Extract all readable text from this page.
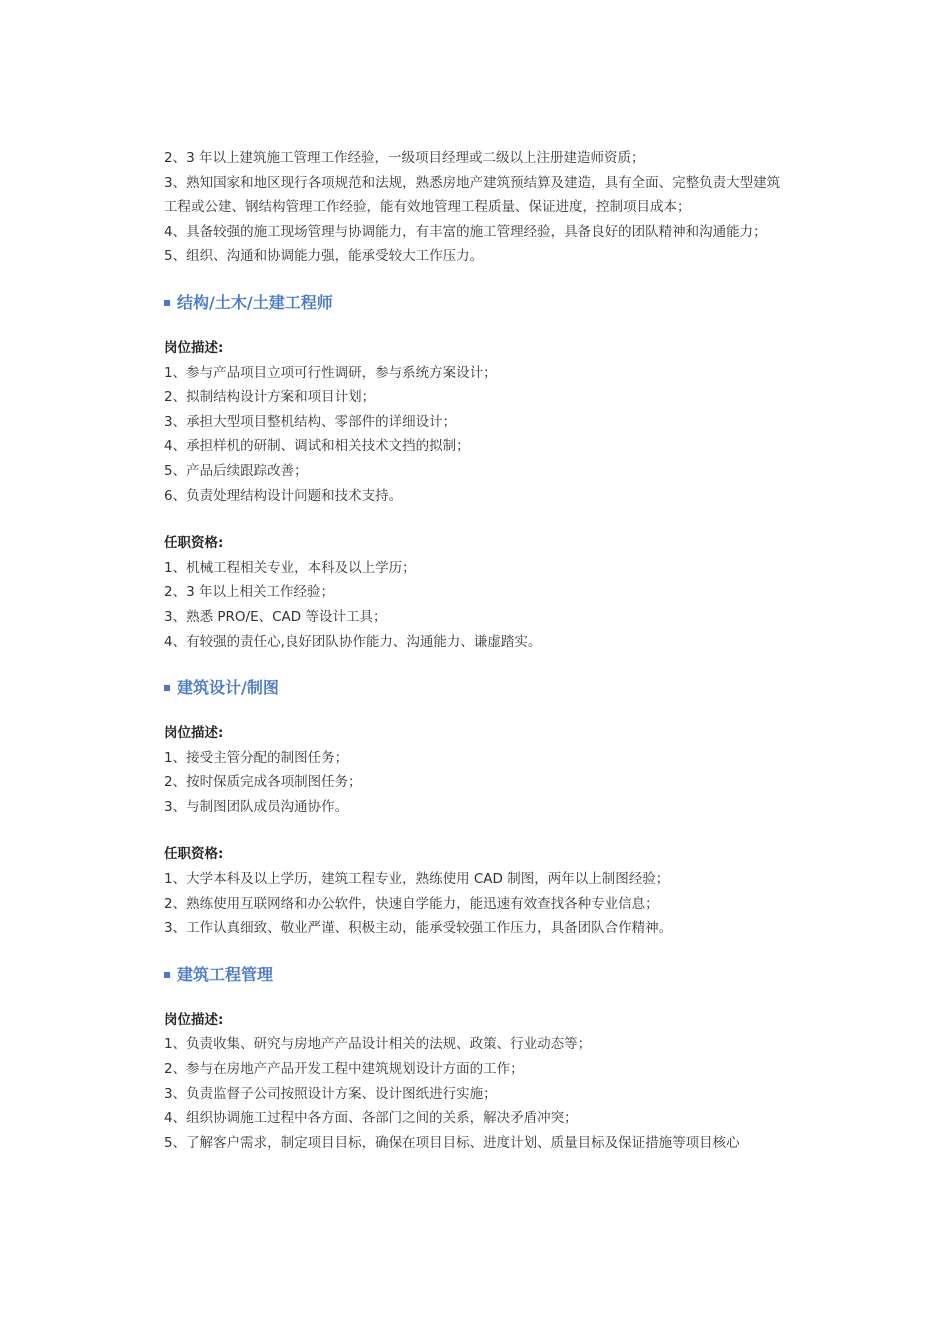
2、3 年以上建筑施工管理工作经验，一级项目经理或二级以上注册建造师资质；

3、熟知国家和地区现行各项规范和法规，熟悉房地产建筑预结算及建造，具有全面、完整负责大型建筑工程或公建、钢结构管理工作经验，能有效地管理工程质量、保证进度，控制项目成本；

4、具备较强的施工现场管理与协调能力，有丰富的施工管理经验，具备良好的团队精神和沟通能力；

5、组织、沟通和协调能力强，能承受较大工作压力。

结构/土木/土建工程师

岗位描述:

1、参与产品项目立项可行性调研，参与系统方案设计；

2、拟制结构设计方案和项目计划；

3、承担大型项目整机结构、零部件的详细设计；

4、承担样机的研制、调试和相关技术文挡的拟制；

5、产品后续跟踪改善；

6、负责处理结构设计问题和技术支持。

任职资格:

1、机械工程相关专业，本科及以上学历；

2、3 年以上相关工作经验；

3、熟悉 PRO/E、CAD 等设计工具；

4、有较强的责任心,良好团队协作能力、沟通能力、谦虚踏实。

建筑设计/制图

岗位描述:

1、接受主管分配的制图任务；

2、按时保质完成各项制图任务；

3、与制图团队成员沟通协作。

任职资格:

1、大学本科及以上学历，建筑工程专业，熟练使用 CAD 制图，两年以上制图经验；

2、熟练使用互联网络和办公软件，快速自学能力，能迅速有效查找各种专业信息；

3、工作认真细致、敬业严谨、积极主动，能承受较强工作压力，具备团队合作精神。

建筑工程管理

岗位描述:

1、负责收集、研究与房地产产品设计相关的法规、政策、行业动态等；

2、参与在房地产产品开发工程中建筑规划设计方面的工作；

3、负责监督子公司按照设计方案、设计图纸进行实施；

4、组织协调施工过程中各方面、各部门之间的关系，解决矛盾冲突；

5、了解客户需求，制定项目目标，确保在项目目标、进度计划、质量目标及保证措施等项目核心
